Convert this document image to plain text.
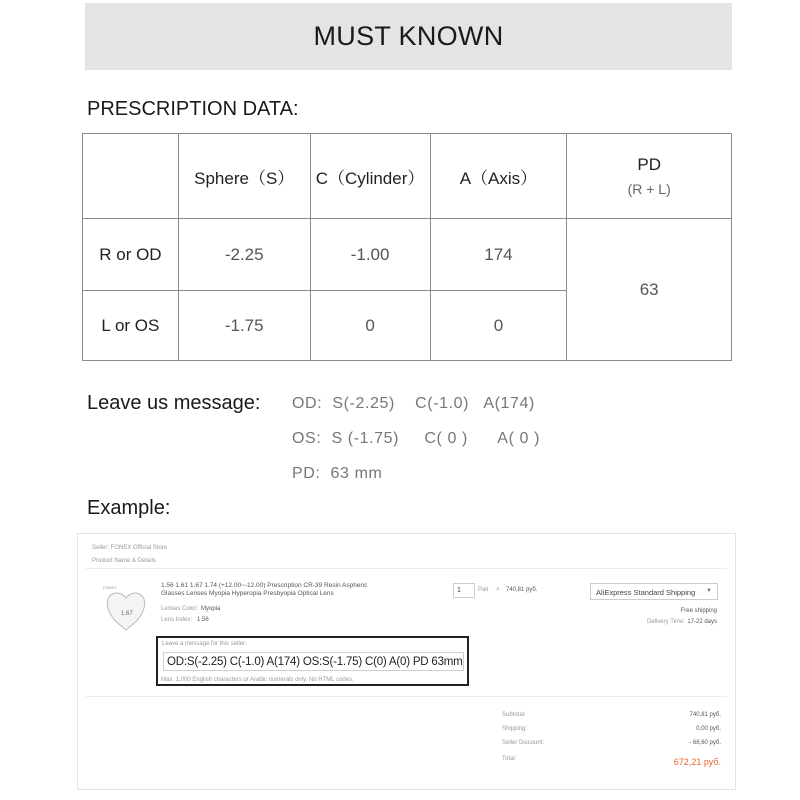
MUST KNOWN
PRESCRIPTION DATA:
	Sphere（S）	C（Cylinder）	A（Axis）	PD
(R + L)

R or OD	-2.25	-1.00	174	63
L or OS	-1.75	0	0	
Leave us message: OD:  S(-2.25)    C(-1.0)   A(174)
OS:  S (-1.75)     C( 0 )      A( 0 )
PD:  63 mm
Example:
Seller: FONEX Official Store
Product Name & Details
FONEX
1.67
1.56 1.61 1.67 1.74 (+12.00~-12.00) Prescription CR-39 Resin Aspheric Glasses Lenses Myopia Hyperopia Presbyopia Optical Lens
Lenses Color: Myopia
Lens Index: 1.56
1	Pair × 740,81 руб.	AliExpress Standard Shipping ▼
Free shipping
Delivery Time: 17-22 days
Leave a message for this seller:
OD:S(-2.25) C(-1.0) A(174) OS:S(-1.75) C(0) A(0) PD 63mm
Max. 1,000 English characters or Arabic numerals only. No HTML codes.
Subtotal:	740,81 руб.
Shipping:	0,00 руб.
Seller Discount:	- 68,60 руб.
Total:	672,21 руб.
